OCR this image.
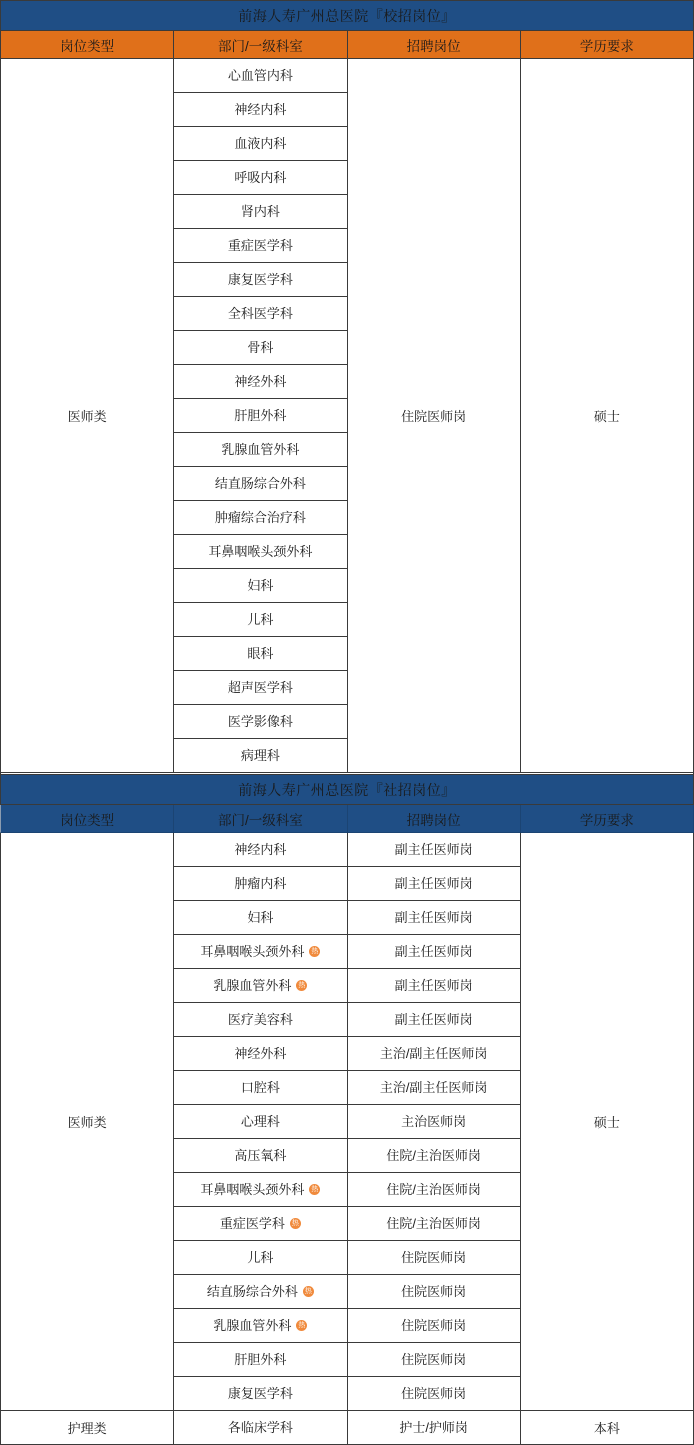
前海人寿广州总医院『校招岗位』			
岗位类型	部门/一级科室	招聘岗位	学历要求
医师类	心血管内科	住院医师岗	硕士
	神经内科		
	血液内科		
	呼吸内科		
	肾内科		
	重症医学科		
	康复医学科		
	全科医学科		
	骨科		
	神经外科		
	肝胆外科		
	乳腺血管外科		
	结直肠综合外科		
	肿瘤综合治疗科		
	耳鼻咽喉头颈外科		
	妇科		
	儿科		
	眼科		
	超声医学科		
	医学影像科		
	病理科		

前海人寿广州总医院『社招岗位』			
岗位类型	部门/一级科室	招聘岗位	学历要求
医师类	神经内科	副主任医师岗	硕士
	肿瘤内科	副主任医师岗	
	妇科	副主任医师岗	
	耳鼻咽喉头颈外科 热	副主任医师岗	
	乳腺血管外科 热	副主任医师岗	
	医疗美容科	副主任医师岗	
	神经外科	主治/副主任医师岗	
	口腔科	主治/副主任医师岗	
	心理科	主治医师岗	
	高压氧科	住院/主治医师岗	
	耳鼻咽喉头颈外科 热	住院/主治医师岗	
	重症医学科 热	住院/主治医师岗	
	儿科	住院医师岗	
	结直肠综合外科 热	住院医师岗	
	乳腺血管外科 热	住院医师岗	
	肝胆外科	住院医师岗	
	康复医学科	住院医师岗	
护理类	各临床学科	护士/护师岗	本科
